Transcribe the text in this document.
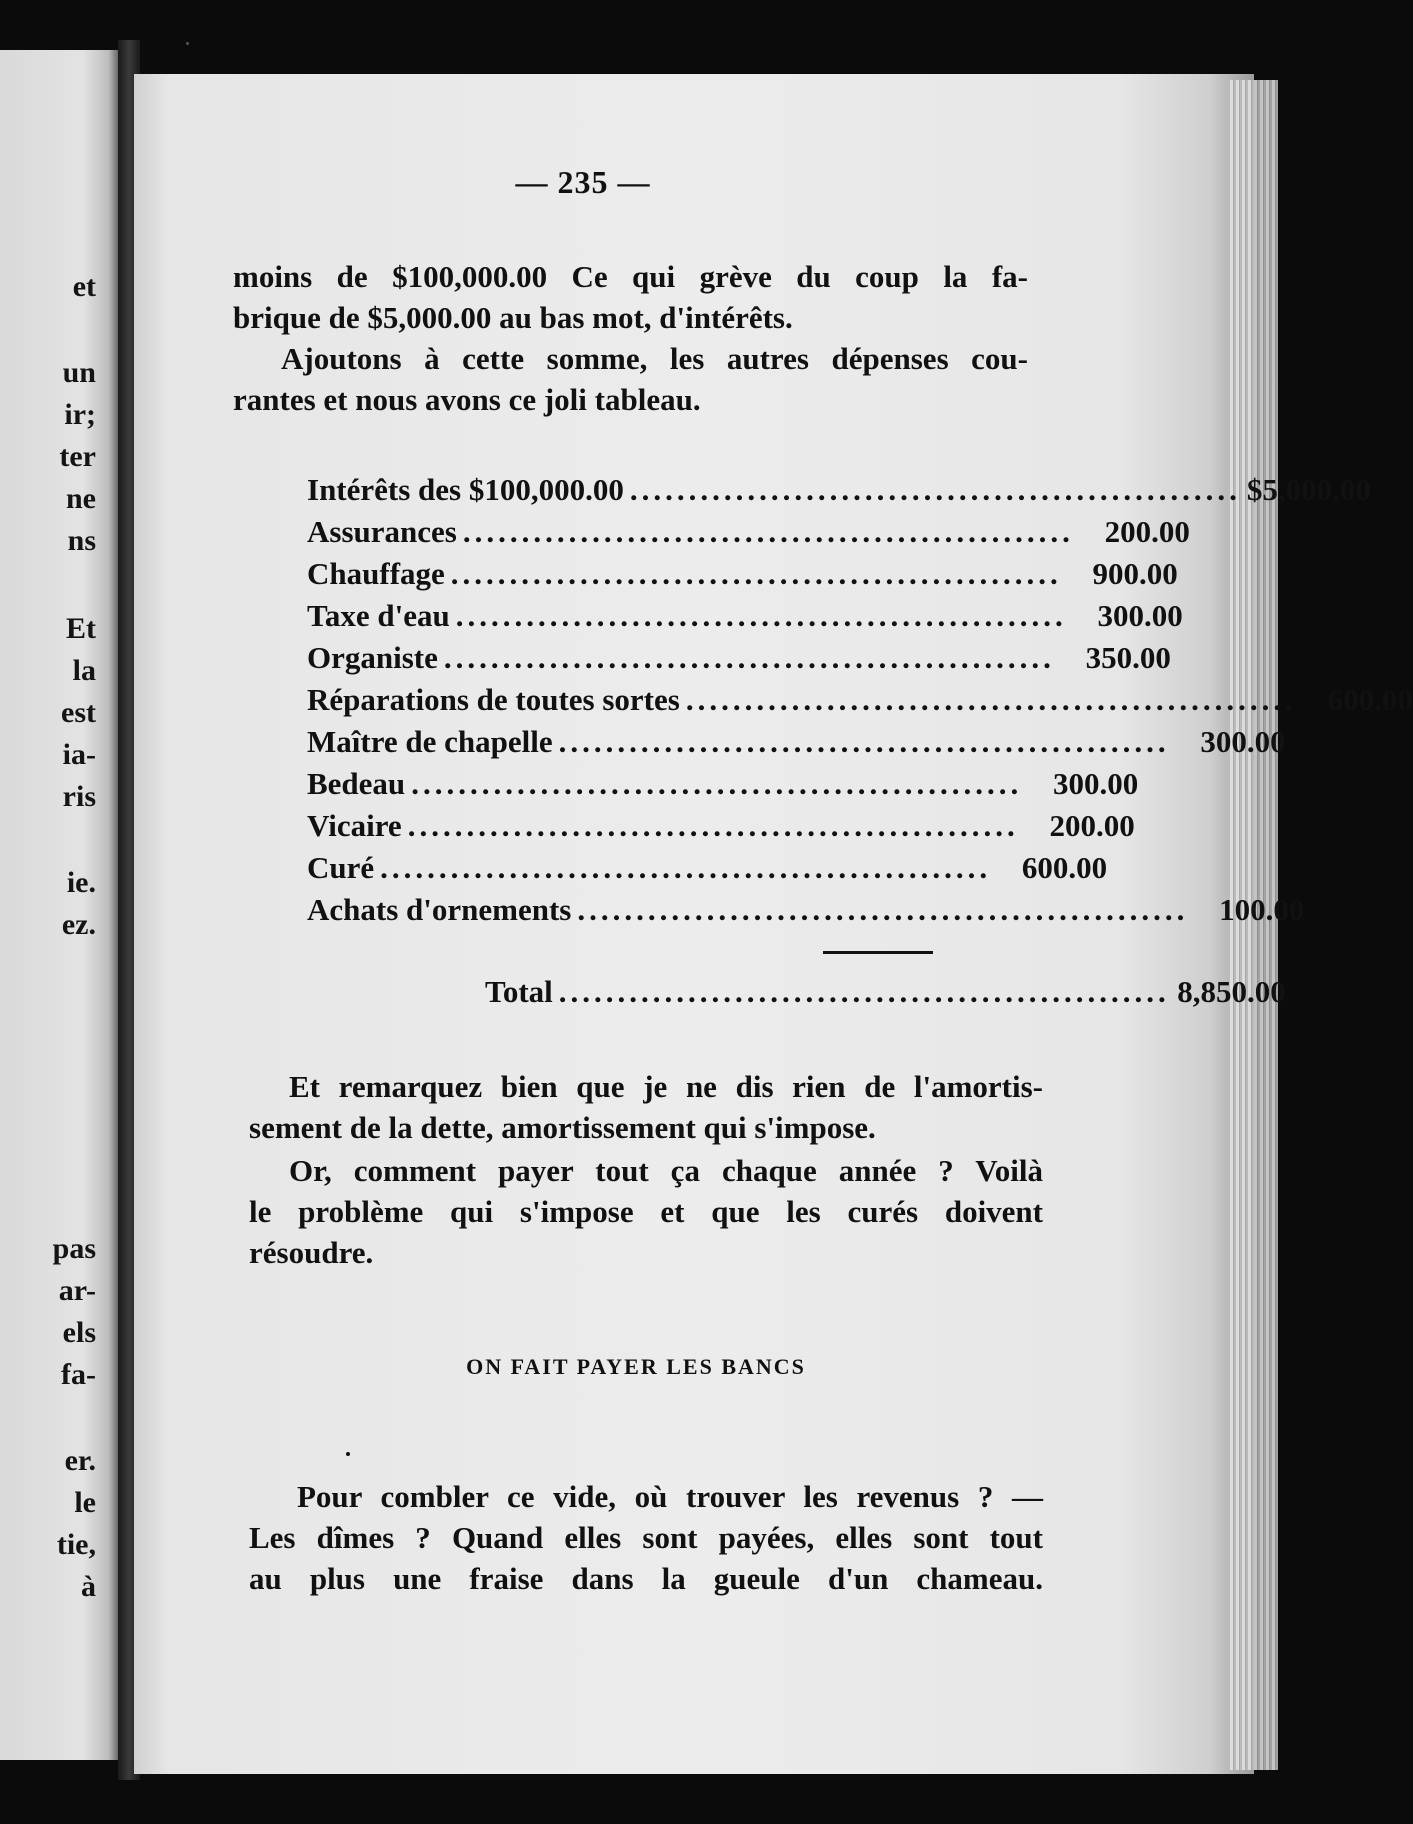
et

un

ir;

ter

ne

ns

Et

la

est

ia-

ris

ie.

ez.

pas

ar-

els

fa-

er.

le

tie,

à

— 235 —

moins de $100,000.00 Ce qui grève du coup la fa-
brique de $5,000.00 au bas mot, d'intérêts.

Ajoutons à cette somme, les autres dépenses cou-
rantes et nous avons ce joli tableau.

Intérêts des $100,000.00 .................................................... $5,000.00
Assurances .................................................... 200.00
Chauffage .................................................... 900.00
Taxe d'eau .................................................... 300.00
Organiste .................................................... 350.00
Réparations de toutes sortes .................................................... 600.00
Maître de chapelle .................................................... 300.00
Bedeau .................................................... 300.00
Vicaire .................................................... 200.00
Curé .................................................... 600.00
Achats d'ornements .................................................... 100.00
Total .................................................... 8,850.00

Et remarquez bien que je ne dis rien de l'amortis-
sement de la dette, amortissement qui s'impose.

Or, comment payer tout ça chaque année ? Voilà
le problème qui s'impose et que les curés doivent
résoudre.

ON FAIT PAYER LES BANCS

Pour combler ce vide, où trouver les revenus ? —
Les dîmes ? Quand elles sont payées, elles sont tout
au plus une fraise dans la gueule d'un chameau.
